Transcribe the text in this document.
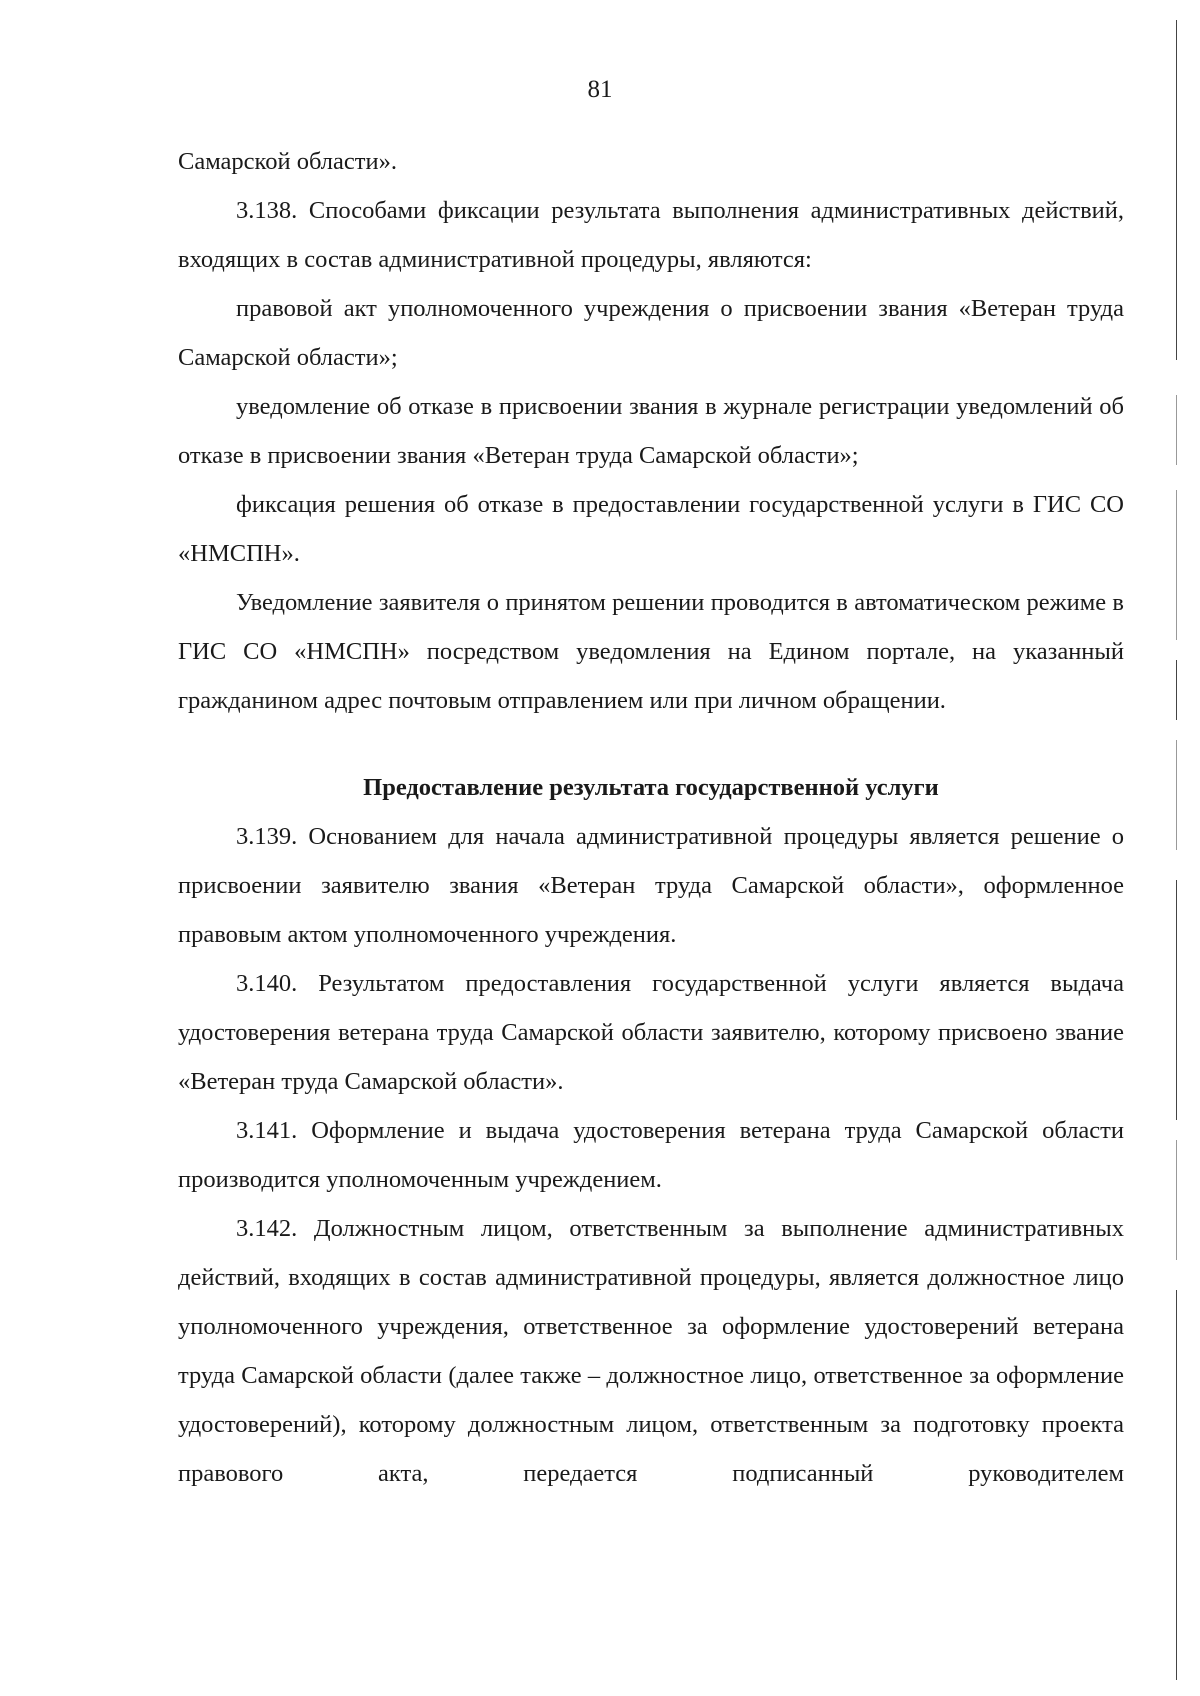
81

Самарской области».

3.138. Способами фиксации результата выполнения административных действий, входящих в состав административной процедуры, являются:

правовой акт уполномоченного учреждения о присвоении звания «Ветеран труда Самарской области»;

уведомление об отказе в присвоении звания в журнале регистрации уведомлений об отказе в присвоении звания «Ветеран труда Самарской области»;

фиксация решения об отказе в предоставлении государственной услуги в ГИС СО «НМСПН».

Уведомление заявителя о принятом решении проводится в автоматическом режиме в ГИС СО «НМСПН» посредством уведомления на Едином портале, на указанный гражданином адрес почтовым отправлением или при личном обращении.

Предоставление результата государственной услуги

3.139. Основанием для начала административной процедуры является решение о присвоении заявителю звания «Ветеран труда Самарской области», оформленное правовым актом уполномоченного учреждения.

3.140. Результатом предоставления государственной услуги является выдача удостоверения ветерана труда Самарской области заявителю, которому присвоено звание «Ветеран труда Самарской области».

3.141. Оформление и выдача удостоверения ветерана труда Самарской области производится уполномоченным учреждением.

3.142. Должностным лицом, ответственным за выполнение административных действий, входящих в состав административной процедуры, является должностное лицо уполномоченного учреждения, ответственное за оформление удостоверений ветерана труда Самарской области (далее также – должностное лицо, ответственное за оформление удостоверений), которому должностным лицом, ответственным за подготовку проекта правового акта, передается подписанный руководителем
